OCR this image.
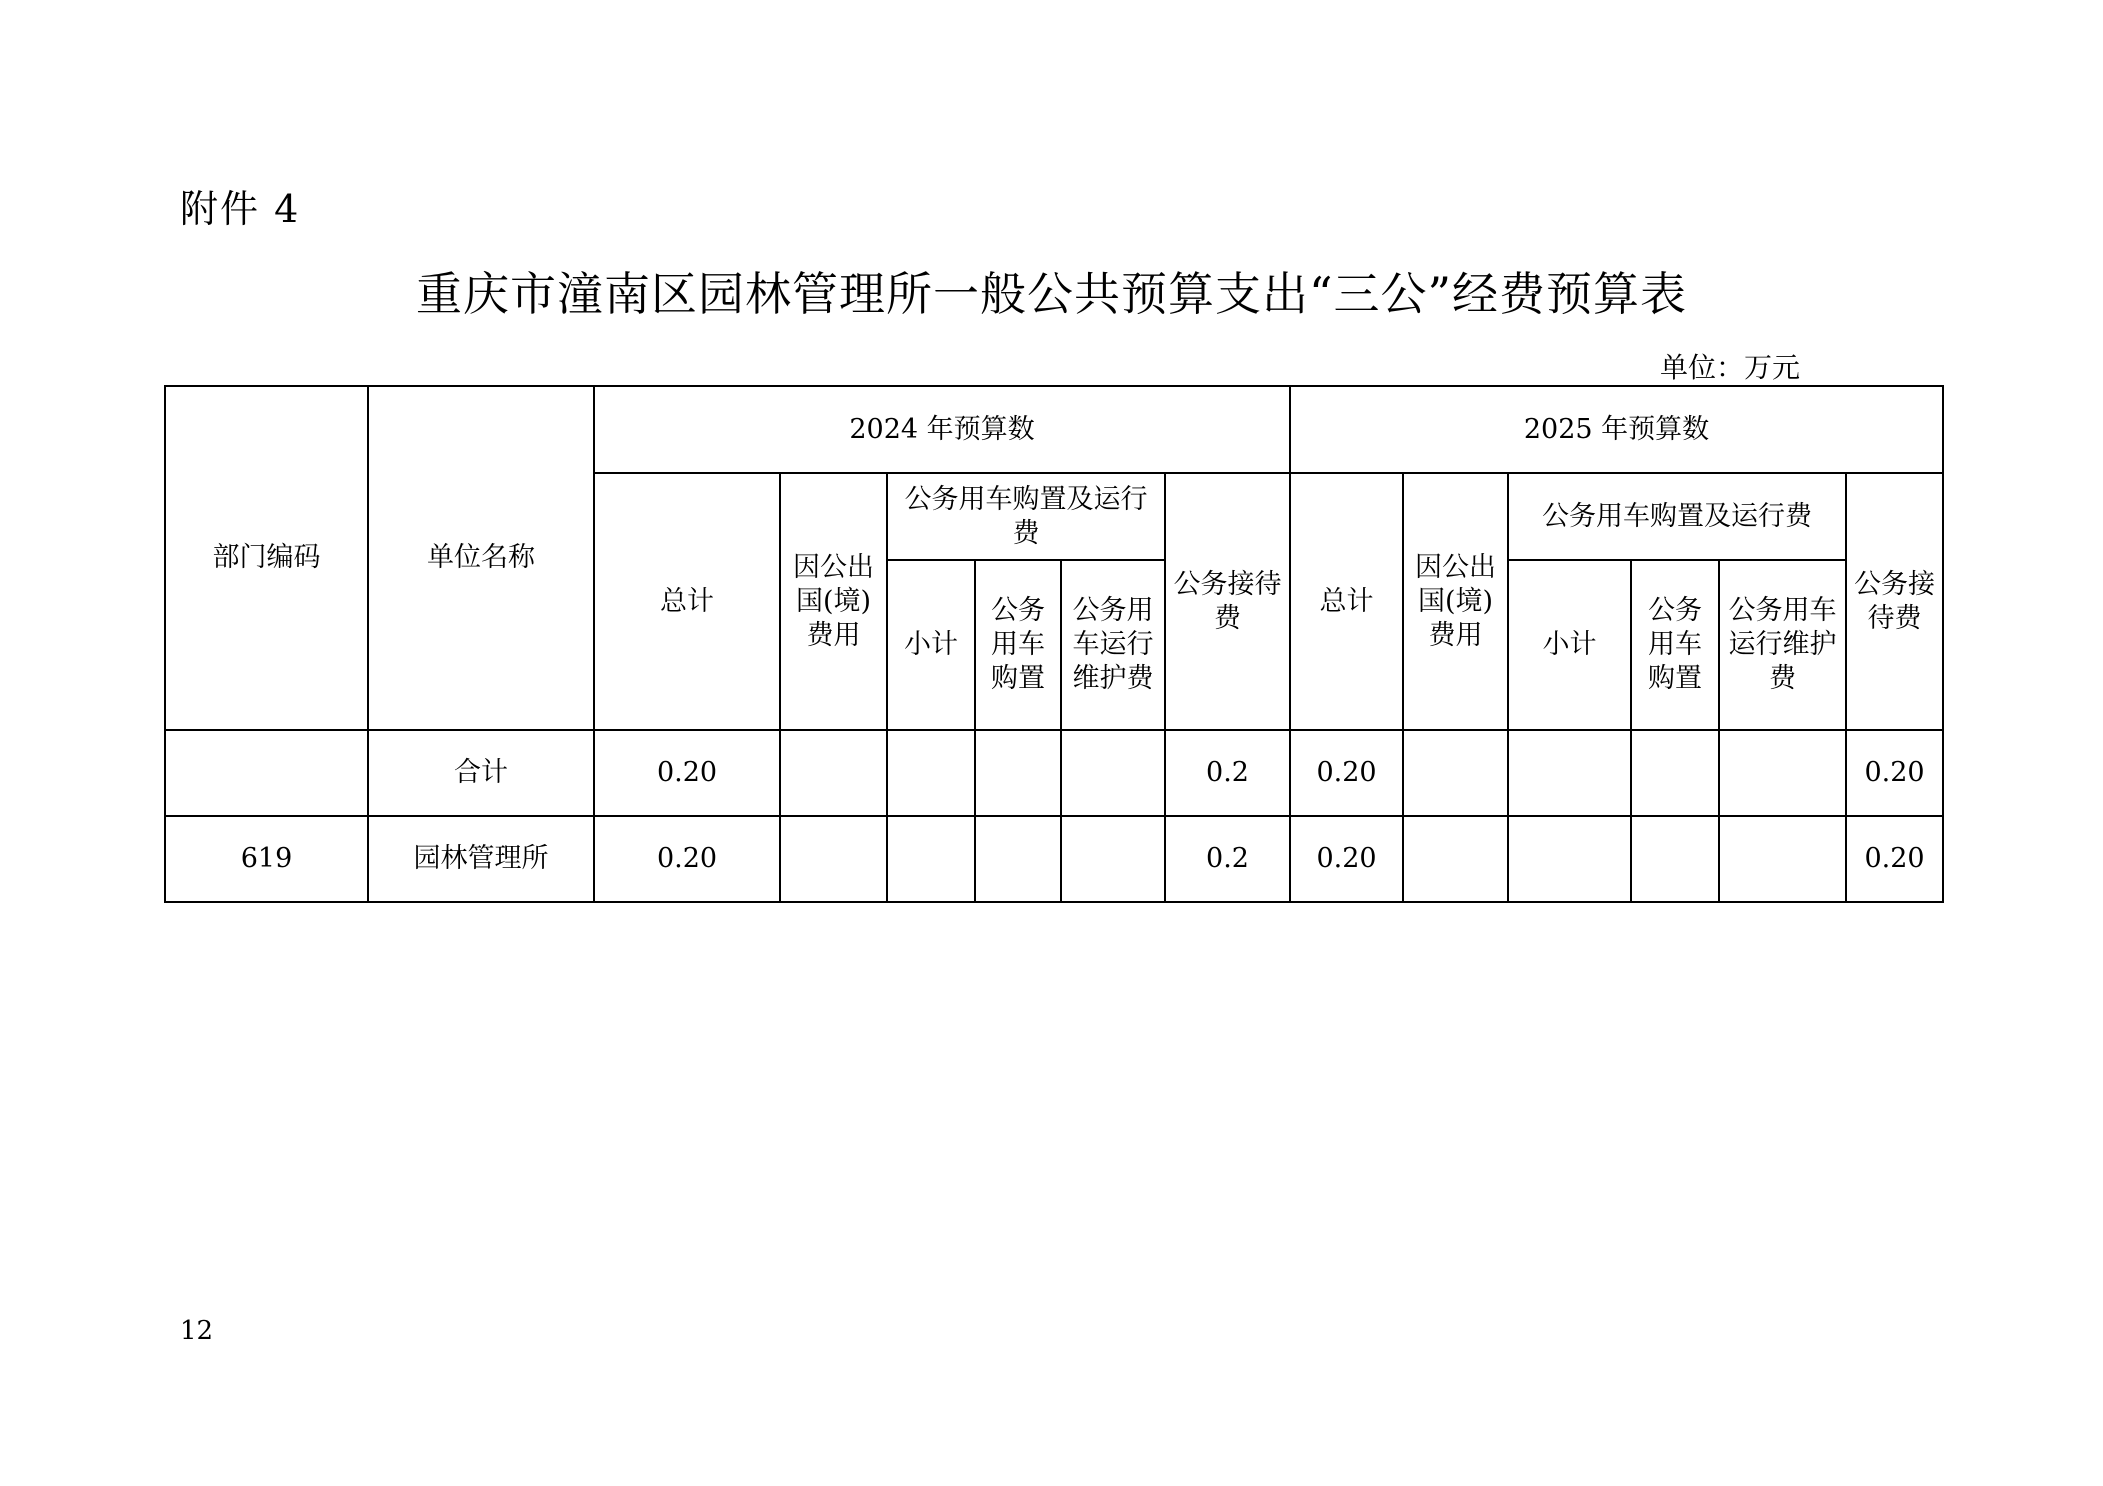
附件 4
重庆市潼南区园林管理所一般公共预算支出“三公”经费预算表
单位：万元
部门编码	单位名称	2024 年预算数						2025 年预算数					
		总计	因公出国(境)费用	公务用车购置及运行费			公务接待费	总计	因公出国(境)费用	公务用车购置及运行费			公务接待费
				小计	公务用车购置	公务用车运行维护费				小计	公务用车购置	公务用车运行维护费	
	合计	0.20					0.2	0.20					0.20
619	园林管理所	0.20					0.2	0.20					0.20
12
